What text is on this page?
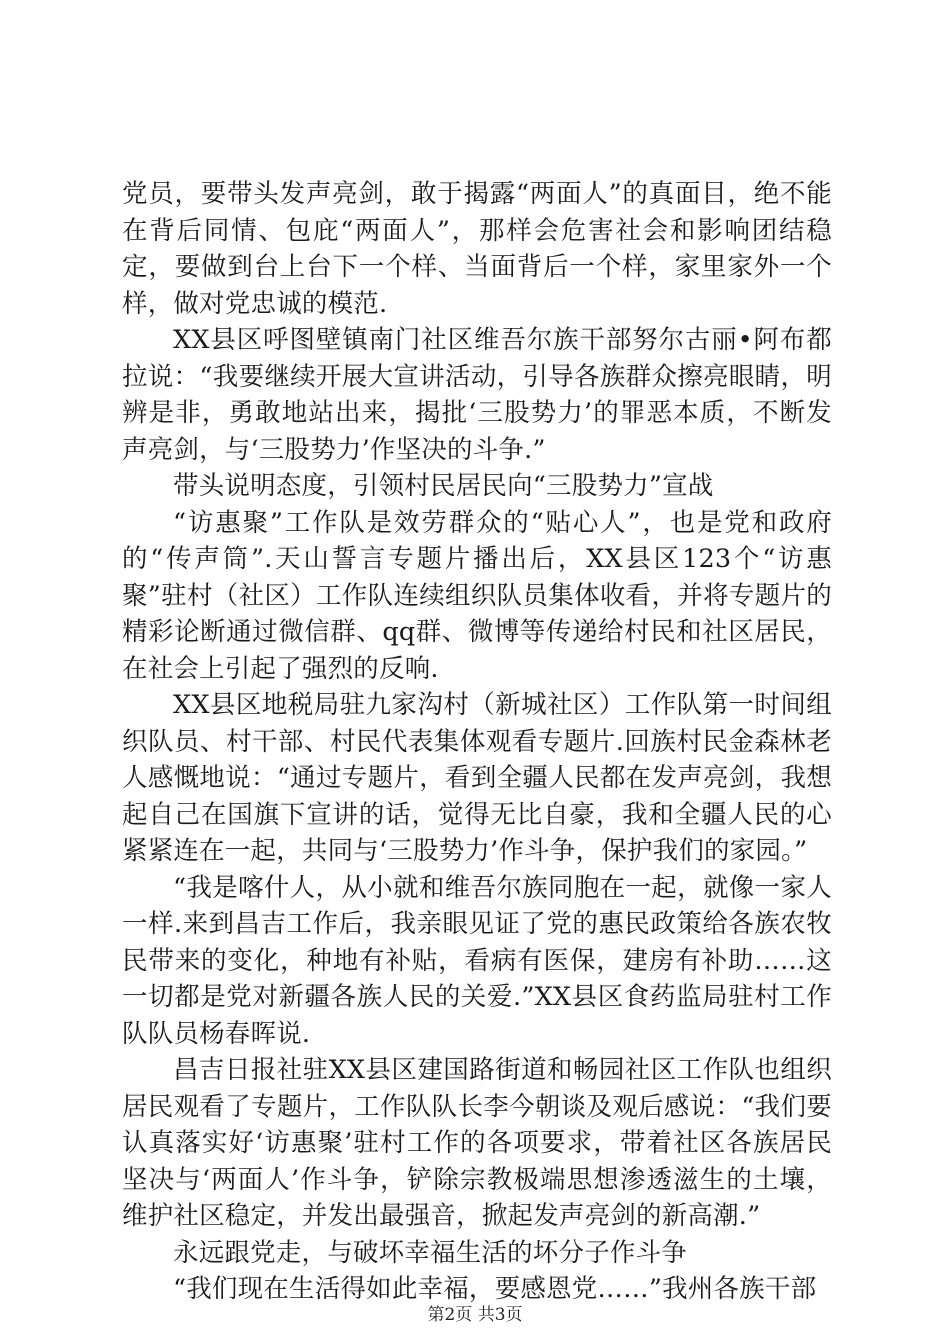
党员，要带头发声亮剑，敢于揭露“两面人”的真面目，绝不能在背后同情、包庇“两面人”，那样会危害社会和影响团结稳定，要做到台上台下一个样、当面背后一个样，家里家外一个样，做对党忠诚的模范.

XX县区呼图壁镇南门社区维吾尔族干部努尔古丽•阿布都拉说：“我要继续开展大宣讲活动，引导各族群众擦亮眼睛，明辨是非，勇敢地站出来，揭批‘三股势力’的罪恶本质，不断发声亮剑，与‘三股势力’作坚决的斗争.”

带头说明态度，引领村民居民向“三股势力”宣战

“访惠聚”工作队是效劳群众的“贴心人”，也是党和政府的“传声筒”.天山誓言专题片播出后，XX县区123个“访惠聚”驻村（社区）工作队连续组织队员集体收看，并将专题片的精彩论断通过微信群、qq群、微博等传递给村民和社区居民，在社会上引起了强烈的反响.

XX县区地税局驻九家沟村（新城社区）工作队第一时间组织队员、村干部、村民代表集体观看专题片.回族村民金森林老人感慨地说：“通过专题片，看到全疆人民都在发声亮剑，我想起自己在国旗下宣讲的话，觉得无比自豪，我和全疆人民的心紧紧连在一起，共同与‘三股势力’作斗争，保护我们的家园。”

“我是喀什人，从小就和维吾尔族同胞在一起，就像一家人一样.来到昌吉工作后，我亲眼见证了党的惠民政策给各族农牧民带来的变化，种地有补贴，看病有医保，建房有补助……这一切都是党对新疆各族人民的关爱.”XX县区食药监局驻村工作队队员杨春晖说.

昌吉日报社驻XX县区建国路街道和畅园社区工作队也组织居民观看了专题片，工作队队长李今朝谈及观后感说：“我们要认真落实好‘访惠聚’驻村工作的各项要求，带着社区各族居民坚决与‘两面人’作斗争，铲除宗教极端思想渗透滋生的土壤，维护社区稳定，并发出最强音，掀起发声亮剑的新高潮.”

永远跟党走，与破坏幸福生活的坏分子作斗争

“我们现在生活得如此幸福，要感恩党……”我州各族干部

第2页 共3页
